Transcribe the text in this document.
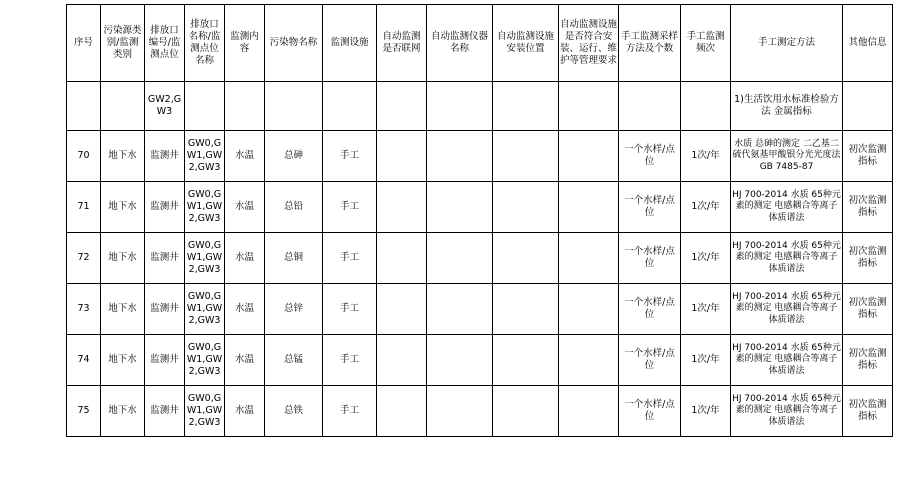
序号	污染源类别/监测类别	排放口编号/监测点位	排放口名称/监测点位名称	监测内容	污染物名称	监测设施	自动监测是否联网	自动监测仪器名称	自动监测设施安装位置	自动监测设施是否符合安装、运行、维护等管理要求	手工监测采样方法及个数	手工监测频次	手工测定方法	其他信息
		GW2,GW3											1)生活饮用水标准检验方法 金属指标	
70	地下水	监测井	GW0,GW1,GW2,GW3	水温	总砷	手工					一个水样/点位	1次/年	水质 总砷的测定 二乙基二硫代氨基甲酸银分光光度法 GB 7485-87	初次监测指标
71	地下水	监测井	GW0,GW1,GW2,GW3	水温	总铅	手工					一个水样/点位	1次/年	HJ 700-2014 水质 65种元素的测定 电感耦合等离子体质谱法	初次监测指标
72	地下水	监测井	GW0,GW1,GW2,GW3	水温	总铜	手工					一个水样/点位	1次/年	HJ 700-2014 水质 65种元素的测定 电感耦合等离子体质谱法	初次监测指标
73	地下水	监测井	GW0,GW1,GW2,GW3	水温	总锌	手工					一个水样/点位	1次/年	HJ 700-2014 水质 65种元素的测定 电感耦合等离子体质谱法	初次监测指标
74	地下水	监测井	GW0,GW1,GW2,GW3	水温	总锰	手工					一个水样/点位	1次/年	HJ 700-2014 水质 65种元素的测定 电感耦合等离子体质谱法	初次监测指标
75	地下水	监测井	GW0,GW1,GW2,GW3	水温	总铁	手工					一个水样/点位	1次/年	HJ 700-2014 水质 65种元素的测定 电感耦合等离子体质谱法	初次监测指标
